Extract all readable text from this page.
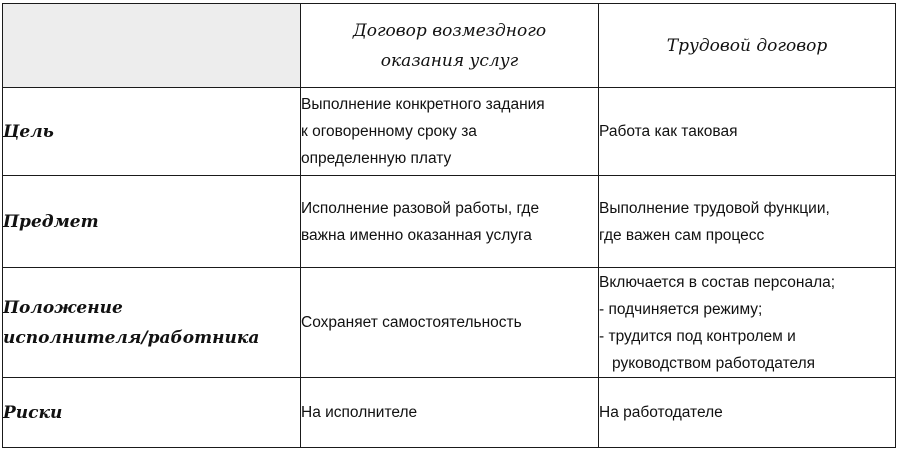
	Договор возмездного
оказания услуг	Трудовой договор

Цель	Выполнение конкретного задания
к оговоренному сроку за
определенную плату	Работа как таковая

Предмет	Исполнение разовой работы, где
важна именно оказанная услуга	Выполнение трудовой функции,
где важен сам процесс

Положение
исполнителя/работника	Сохраняет самостоятельность	Включается в состав персонала;
- подчиняется режиму;
- трудится под контролем и
руководством работодателя

Риски	На исполнителе	На работодателе
